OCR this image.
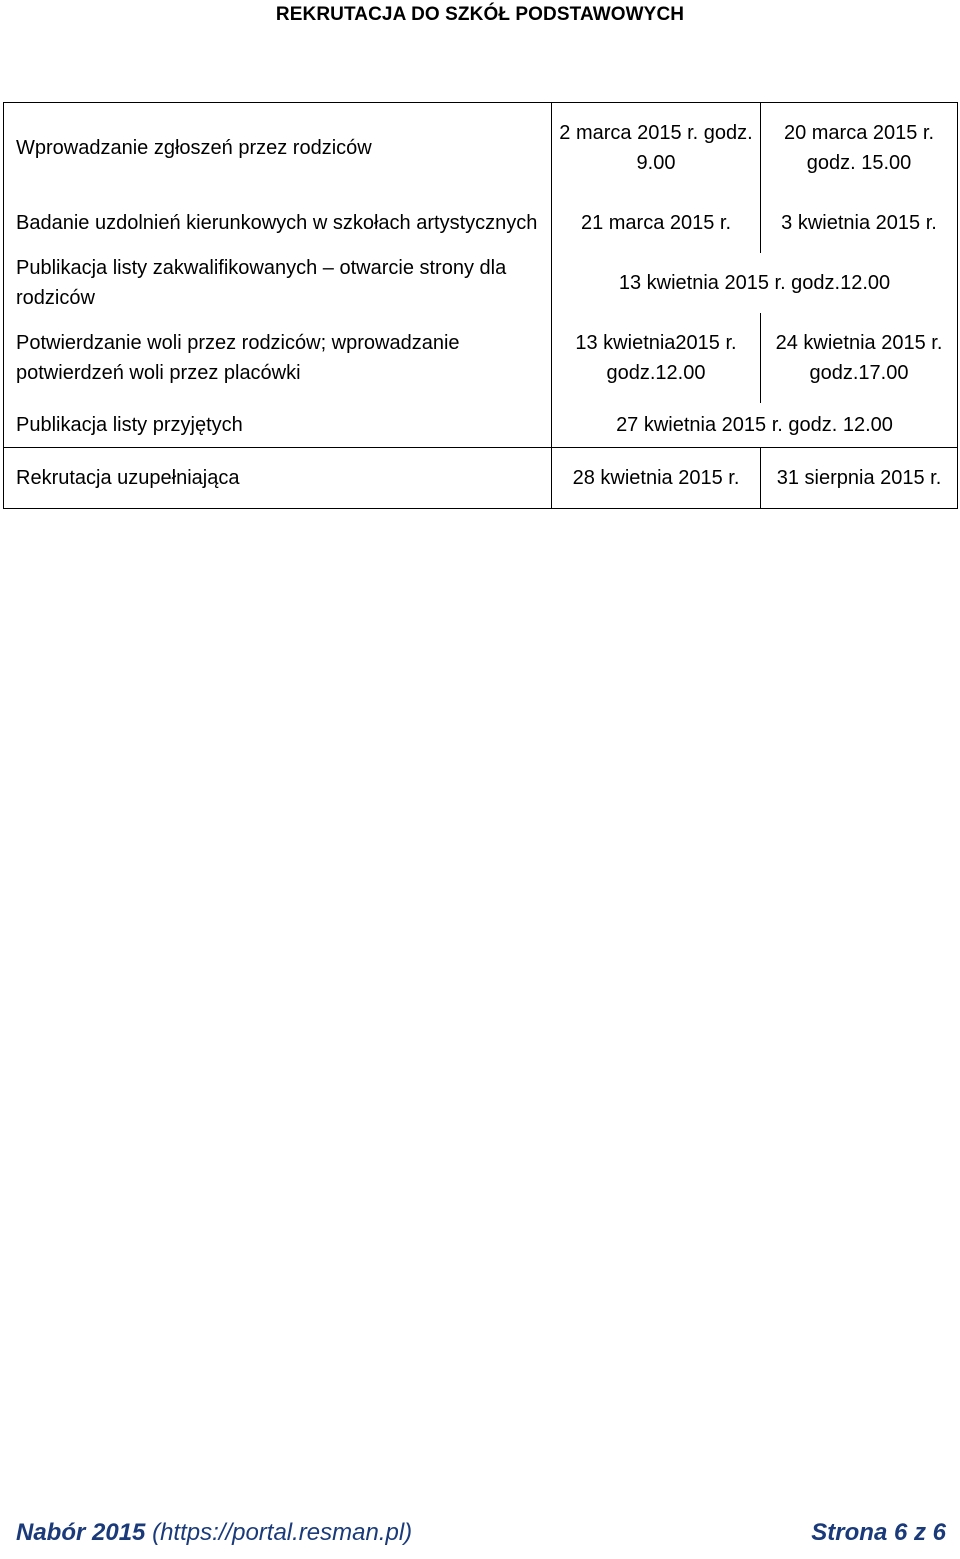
REKRUTACJA DO SZKÓŁ PODSTAWOWYCH
Wprowadzanie zgłoszeń przez rodziców	2 marca 2015 r. godz. 9.00	20 marca 2015 r. godz. 15.00
Badanie uzdolnień kierunkowych w szkołach artystycznych	21 marca 2015 r.	3 kwietnia 2015 r.
Publikacja listy zakwalifikowanych – otwarcie strony dla rodziców	13 kwietnia 2015 r. godz.12.00	
Potwierdzanie woli przez rodziców; wprowadzanie potwierdzeń woli przez placówki	13 kwietnia2015 r. godz.12.00	24 kwietnia 2015 r. godz.17.00
Publikacja listy przyjętych	27 kwietnia 2015 r. godz. 12.00	
Rekrutacja uzupełniająca	28 kwietnia 2015 r.	31 sierpnia 2015 r.
Nabór 2015 (https://portal.resman.pl)	Strona 6 z 6
